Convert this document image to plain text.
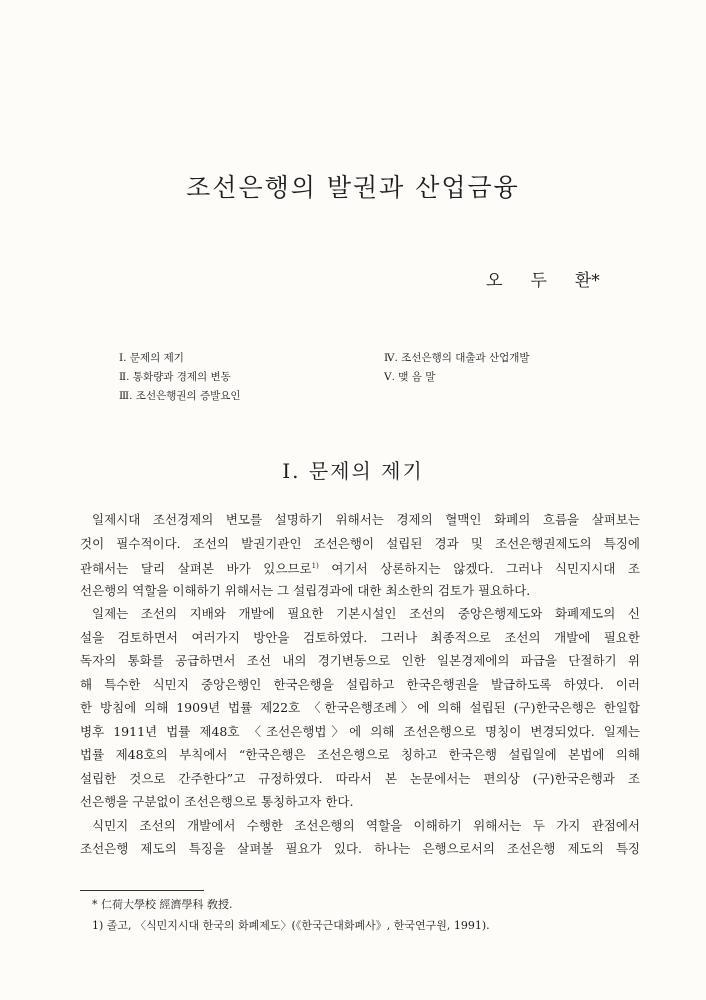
조선은행의 발권과 산업금융
오 두 환*
Ⅰ. 문제의 제기
Ⅱ. 통화량과 경제의 변동
Ⅲ. 조선은행권의 증발요인
Ⅳ. 조선은행의 대출과 산업개발
Ⅴ. 맺 음 말
Ⅰ. 문제의 제기
일제시대 조선경제의 변모를 설명하기 위해서는 경제의 혈맥인 화폐의 흐름을 살펴보는
것이 필수적이다. 조선의 발권기관인 조선은행이 설립된 경과 및 조선은행권제도의 특징에
관해서는 달리 살펴본 바가 있으므로$^{1)}$ 여기서 상론하지는 않겠다. 그러나 식민지시대 조
선은행의 역할을 이해하기 위해서는 그 설립경과에 대한 최소한의 검토가 필요하다.
일제는 조선의 지배와 개발에 필요한 기본시설인 조선의 중앙은행제도와 화폐제도의 신
설을 검토하면서 여러가지 방안을 검토하였다. 그러나 최종적으로 조선의 개발에 필요한
독자의 통화를 공급하면서 조선 내의 경기변동으로 인한 일본경제에의 파급을 단절하기 위
해 특수한 식민지 중앙은행인 한국은행을 설립하고 한국은행권을 발급하도록 하였다. 이러
한 방침에 의해 1909년 법률 제22호 〈한국은행조례〉에 의해 설립된 (구)한국은행은 한일합
병후 1911년 법률 제48호 〈조선은행법〉에 의해 조선은행으로 명칭이 변경되었다. 일제는
법률 제48호의 부칙에서 “한국은행은 조선은행으로 칭하고 한국은행 설립일에 본법에 의해
설립한 것으로 간주한다”고 규정하였다. 따라서 본 논문에서는 편의상 (구)한국은행과 조
선은행을 구분없이 조선은행으로 통칭하고자 한다.
식민지 조선의 개발에서 수행한 조선은행의 역할을 이해하기 위해서는 두 가지 관점에서
조선은행 제도의 특징을 살펴볼 필요가 있다. 하나는 은행으로서의 조선은행 제도의 특징
* 仁荷大學校 經濟學科 敎授.
1) 졸고, 〈식민지시대 한국의 화폐제도〉(《한국근대화폐사》, 한국연구원, 1991).
